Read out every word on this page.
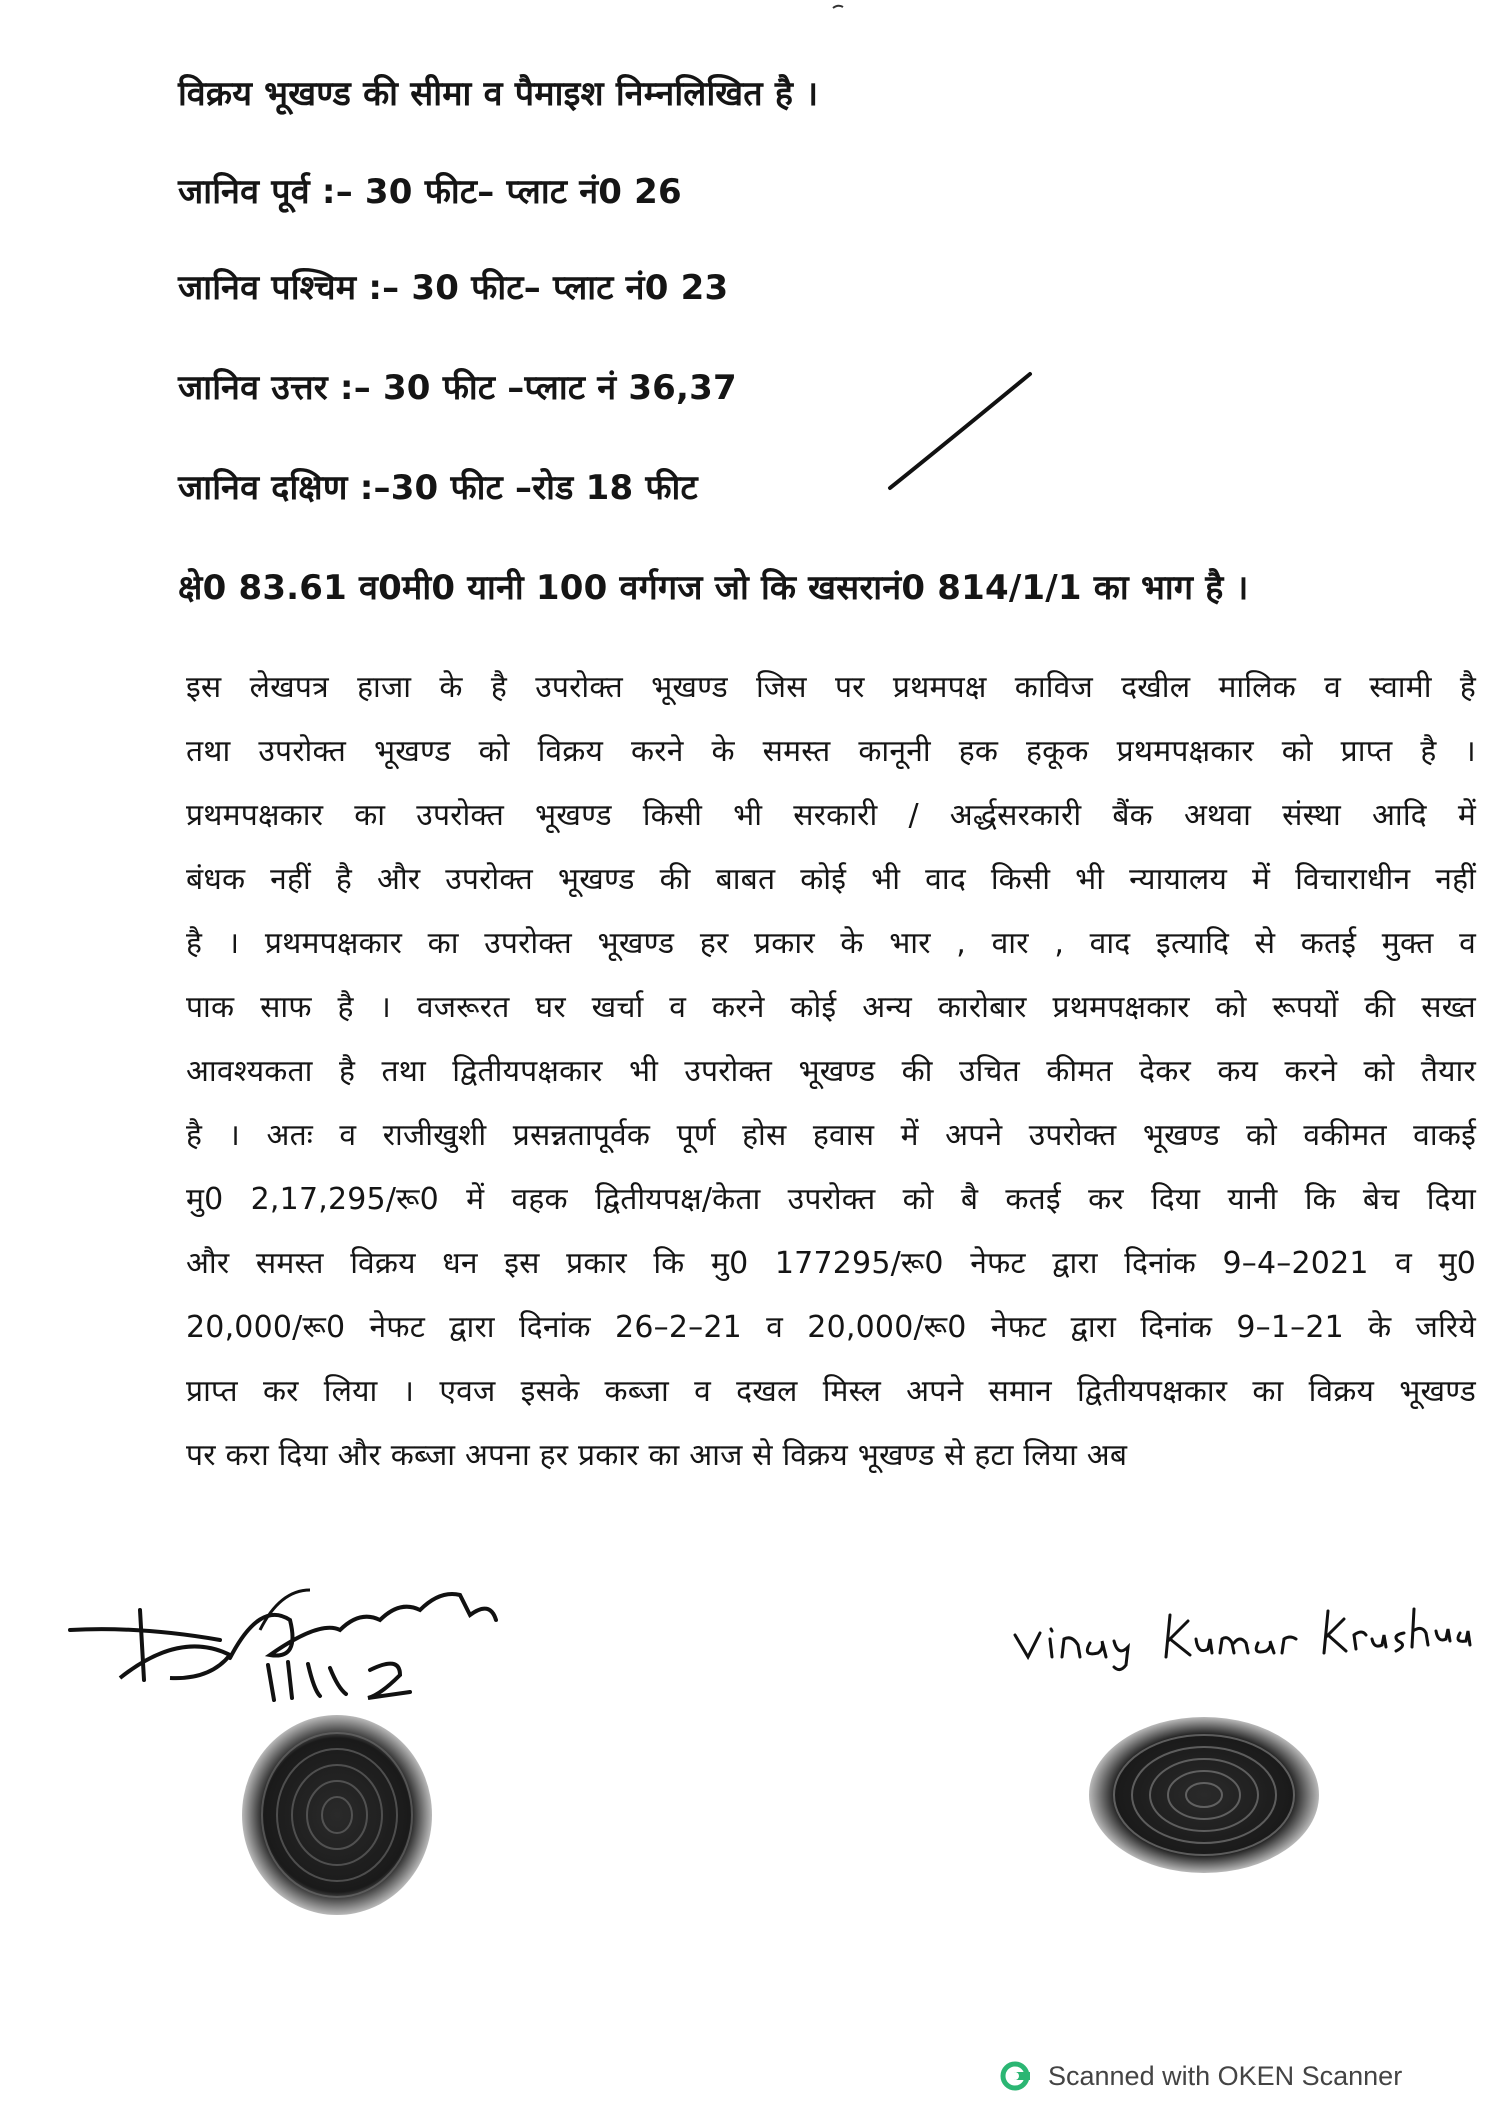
विक्रय भूखण्ड की सीमा व पैमाइश निम्नलिखित है ।
जानिव पूर्व :– 30 फीट– प्लाट नं0 26
जानिव पश्चिम :– 30 फीट– प्लाट नं0 23
जानिव उत्तर :– 30 फीट –प्लाट नं 36,37
जानिव दक्षिण :–30 फीट –रोड 18 फीट
क्षे0 83.61 व0मी0 यानी 100 वर्गगज जो कि खसरानं0 814/1/1 का भाग है ।
इस लेखपत्र हाजा के है उपरोक्त भूखण्ड जिस पर प्रथमपक्ष काविज दखील मालिक व स्वामी है
तथा उपरोक्त भूखण्ड को विक्रय करने के समस्त कानूनी हक हकूक प्रथमपक्षकार को प्राप्त है ।
प्रथमपक्षकार का उपरोक्त भूखण्ड किसी भी सरकारी / अर्द्धसरकारी बैंक अथवा संस्था आदि में
बंधक नहीं है और उपरोक्त भूखण्ड की बाबत कोई भी वाद किसी भी न्यायालय में विचाराधीन नहीं
है । प्रथमपक्षकार का उपरोक्त भूखण्ड हर प्रकार के भार , वार , वाद इत्यादि से कतई मुक्त व
पाक साफ है । वजरूरत घर खर्चा व करने कोई अन्य कारोबार प्रथमपक्षकार को रूपयों की सख्त
आवश्यकता है तथा द्वितीयपक्षकार भी उपरोक्त भूखण्ड की उचित कीमत देकर कय करने को तैयार
है । अतः व राजीखुशी प्रसन्नतापूर्वक पूर्ण होस हवास में अपने उपरोक्त भूखण्ड को वकीमत वाकई
मु0 2,17,295/रू0 में वहक द्वितीयपक्ष/केता उपरोक्त को बै कतई कर दिया यानी कि बेच दिया
और समस्त विक्रय धन इस प्रकार कि मु0 177295/रू0 नेफट द्वारा दिनांक 9–4–2021 व मु0
20,000/रू0 नेफट द्वारा दिनांक 26–2–21 व 20,000/रू0 नेफट द्वारा दिनांक 9–1–21 के जरिये
प्राप्त कर लिया । एवज इसके कब्जा व दखल मिस्ल अपने समान द्वितीयपक्षकार का विक्रय भूखण्ड
पर करा दिया और कब्जा अपना हर प्रकार का आज से विक्रय भूखण्ड से हटा लिया अब
Scanned with OKEN Scanner
